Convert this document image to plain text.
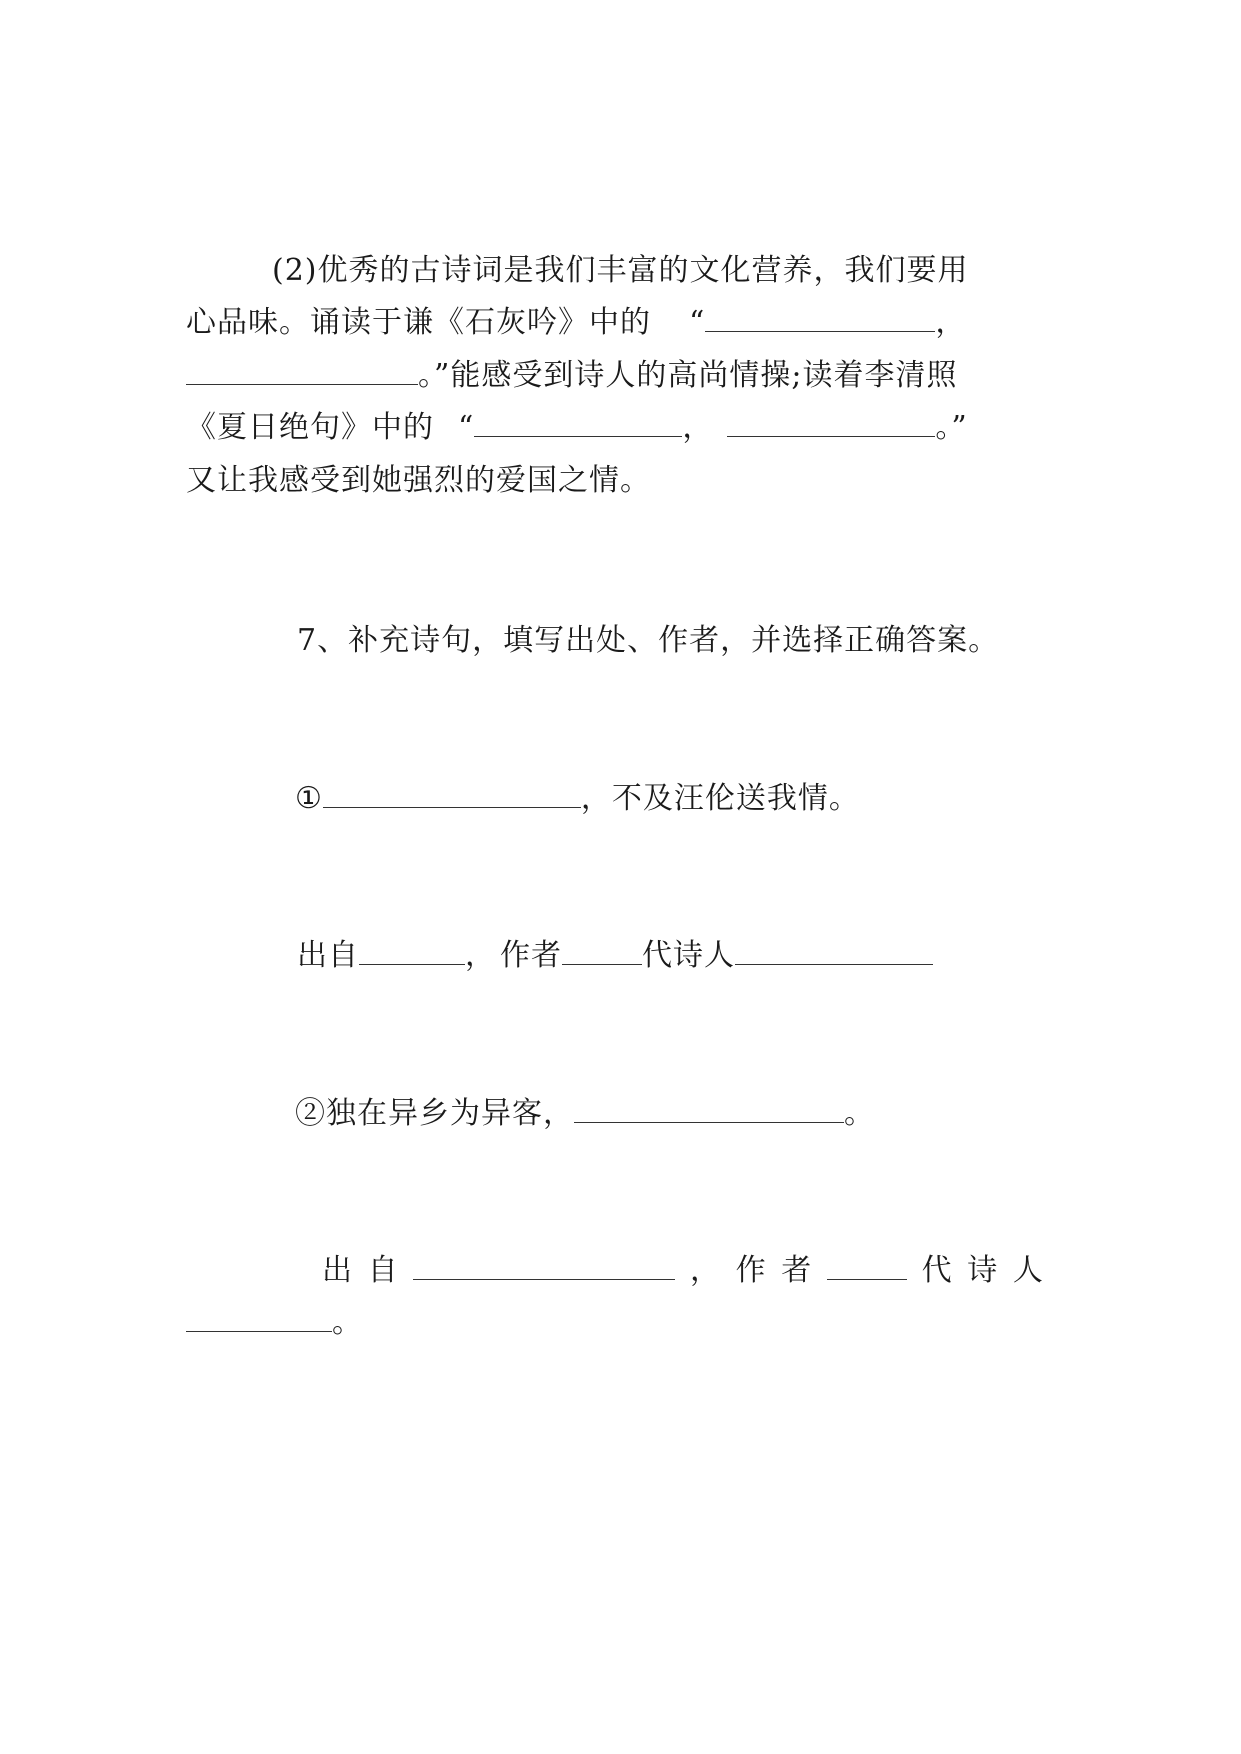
(2)优秀的古诗词是我们丰富的文化营养，我们要用
心品味。诵读于谦《石灰吟》中的 “	，
。”能感受到诗人的高尚情操;读着李清照
《夏日绝句》中的 “	，	。”
又让我感受到她强烈的爱国之情。
7、补充诗句，填写出处、作者，并选择正确答案。
①	，不及汪伦送我情。
出自	， 作者	代诗人
②独在异乡为异客，	。
出 自	， 作 者	代 诗 人
。
